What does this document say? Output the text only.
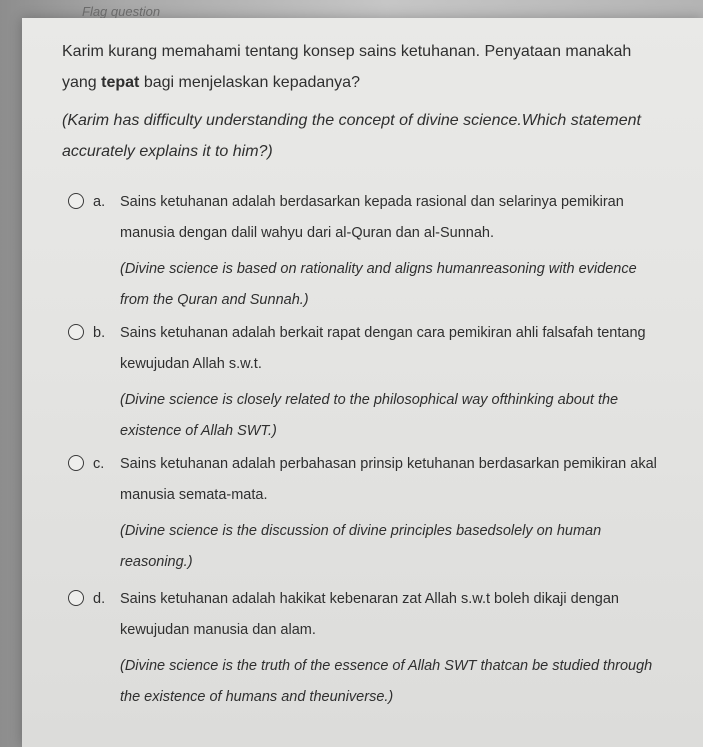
Flag question
Karim kurang memahami tentang konsep sains ketuhanan. Penyataan manakah yang tepat bagi menjelaskan kepadanya?
(Karim has difficulty understanding the concept of divine science.Which statement accurately explains it to him?)
a. Sains ketuhanan adalah berdasarkan kepada rasional dan selarinya pemikiran manusia dengan dalil wahyu dari al-Quran dan al-Sunnah.
(Divine science is based on rationality and aligns humanreasoning with evidence from the Quran and Sunnah.)
b. Sains ketuhanan adalah berkait rapat dengan cara pemikiran ahli falsafah tentang kewujudan Allah s.w.t.
(Divine science is closely related to the philosophical way ofthinking about the existence of Allah SWT.)
c. Sains ketuhanan adalah perbahasan prinsip ketuhanan berdasarkan pemikiran akal manusia semata-mata.
(Divine science is the discussion of divine principles basedsolely on human reasoning.)
d. Sains ketuhanan adalah hakikat kebenaran zat Allah s.w.t boleh dikaji dengan kewujudan manusia dan alam.
(Divine science is the truth of the essence of Allah SWT thatcan be studied through the existence of humans and theuniverse.)
